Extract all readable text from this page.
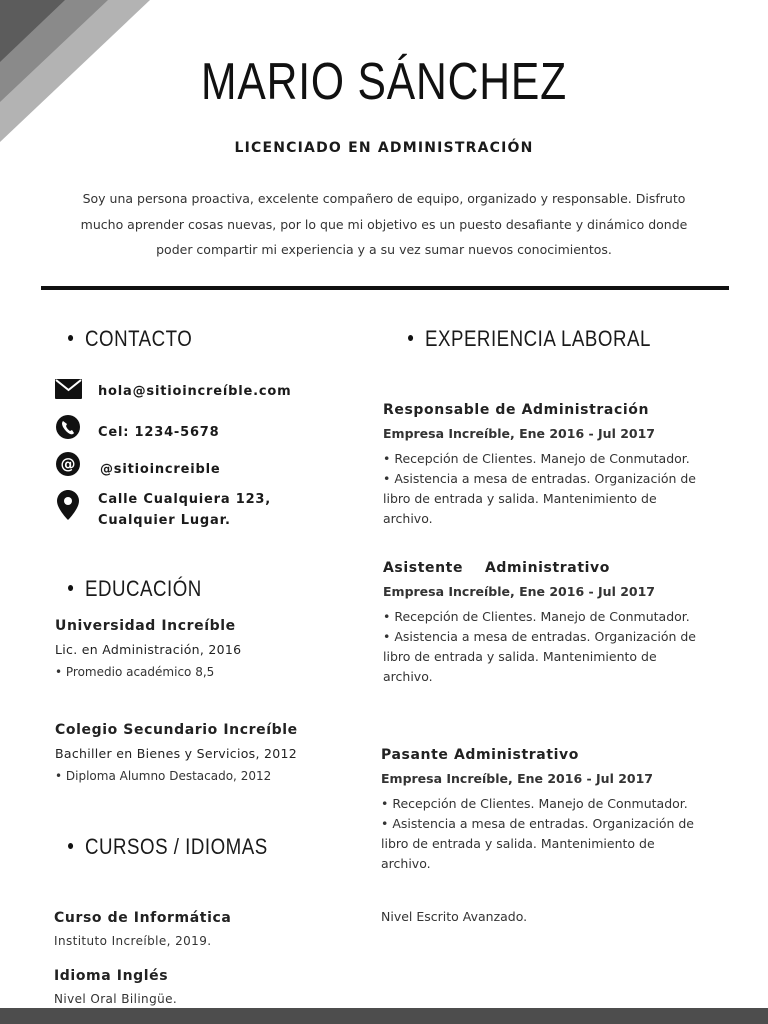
MARIO SÁNCHEZ
LICENCIADO EN ADMINISTRACIÓN
Soy una persona proactiva, excelente compañero de equipo, organizado y responsable. Disfruto mucho aprender cosas nuevas, por lo que mi objetivo es un puesto desafiante y dinámico donde poder compartir mi experiencia y a su vez sumar nuevos conocimientos.
CONTACTO
hola@sitioincreíble.com
Cel: 1234-5678
@ @sitioincreible
Calle Cualquiera 123,
Cualquier Lugar.
EDUCACIÓN
Universidad Increíble
Lic. en Administración, 2016
• Promedio académico 8,5
Colegio Secundario Increíble
Bachiller en Bienes y Servicios, 2012
• Diploma Alumno Destacado, 2012
CURSOS / IDIOMAS
Curso de Informática
Instituto Increíble, 2019.
Idioma Inglés
Nivel Oral Bilingüe.
EXPERIENCIA LABORAL
Responsable de Administración
Empresa Increíble, Ene 2016 - Jul 2017
• Recepción de Clientes. Manejo de Conmutador.
• Asistencia a mesa de entradas. Organización de libro de entrada y salida. Mantenimiento de archivo.
Asistente    Administrativo
Empresa Increíble, Ene 2016 - Jul 2017
• Recepción de Clientes. Manejo de Conmutador.
• Asistencia a mesa de entradas. Organización de libro de entrada y salida. Mantenimiento de archivo.
Pasante Administrativo
Empresa Increíble, Ene 2016 - Jul 2017
• Recepción de Clientes. Manejo de Conmutador.
• Asistencia a mesa de entradas. Organización de libro de entrada y salida. Mantenimiento de archivo.
Nivel Escrito Avanzado.
